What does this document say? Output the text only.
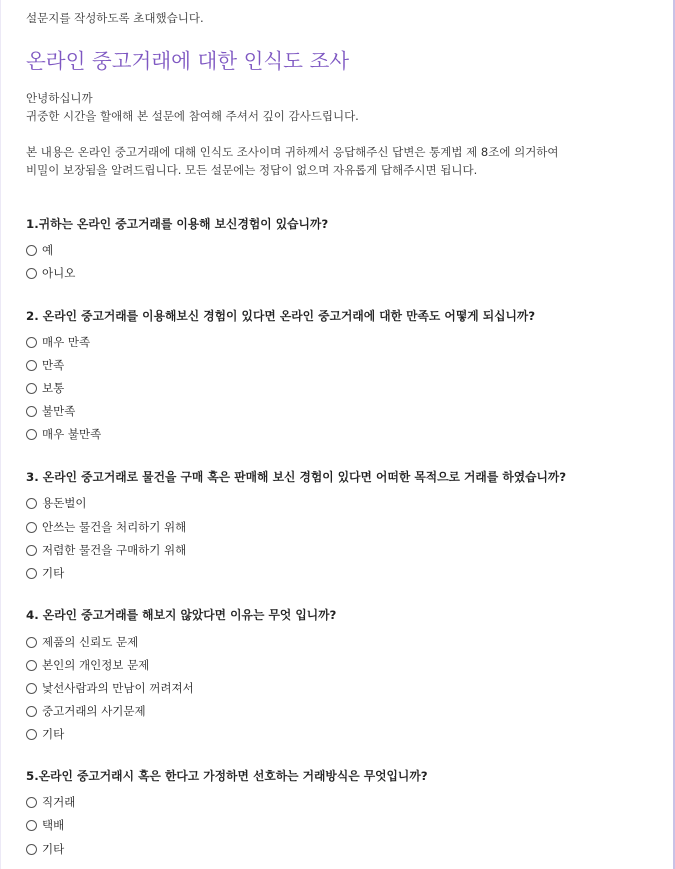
설문지를 작성하도록 초대했습니다.
온라인 중고거래에 대한 인식도 조사
안녕하십니까
귀중한 시간을 할애해 본 설문에 참여해 주셔서 깊이 감사드립니다.
본 내용은 온라인 중고거래에 대해 인식도 조사이며 귀하께서 응답해주신 답변은 통계법 제 8조에 의거하여
비밀이 보장됨을 알려드립니다. 모든 설문에는 정답이 없으며 자유롭게 답해주시면 됩니다.
1.귀하는 온라인 중고거래를 이용해 보신경험이 있습니까?
예
아니오
2. 온라인 중고거래를 이용해보신 경험이 있다면 온라인 중고거래에 대한 만족도 어떻게 되십니까?
매우 만족
만족
보통
불만족
매우 불만족
3. 온라인 중고거래로 물건을 구매 혹은 판매해 보신 경험이 있다면 어떠한 목적으로 거래를 하였습니까?
용돈벌이
안쓰는 물건을 처리하기 위해
저렴한 물건을 구매하기 위해
기타
4. 온라인 중고거래를 해보지 않았다면 이유는 무엇 입니까?
제품의 신뢰도 문제
본인의 개인정보 문제
낯선사람과의 만남이 꺼려져서
중고거래의 사기문제
기타
5.온라인 중고거래시 혹은 한다고 가정하면 선호하는 거래방식은 무엇입니까?
직거래
택배
기타
